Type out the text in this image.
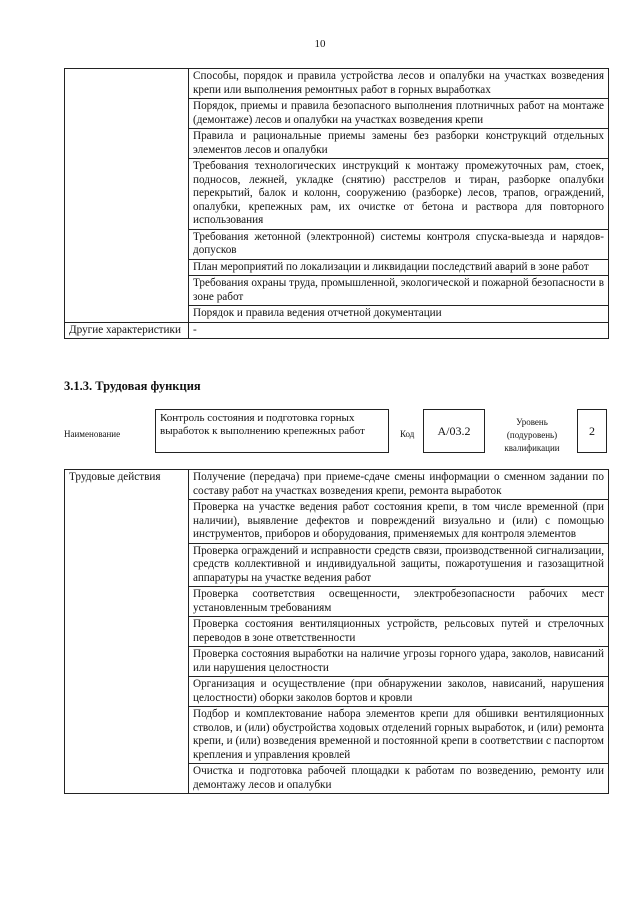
10
	Способы, порядок и правила устройства лесов и опалубки на участках возведения крепи или выполнения ремонтных работ в горных выработках
	Порядок, приемы и правила безопасного выполнения плотничных работ на монтаже (демонтаже) лесов и опалубки на участках возведения крепи
	Правила и рациональные приемы замены без разборки конструкций отдельных элементов лесов и опалубки
	Требования технологических инструкций к монтажу промежуточных рам, стоек, подносов, лежней, укладке (снятию) расстрелов и тиран, разборке опалубки перекрытий, балок и колонн, сооружению (разборке) лесов, трапов, ограждений, опалубки, крепежных рам, их очистке от бетона и раствора для повторного использования
	Требования жетонной (электронной) системы контроля спуска-выезда и нарядов-допусков
	План мероприятий по локализации и ликвидации последствий аварий в зоне работ
	Требования охраны труда, промышленной, экологической и пожарной безопасности в зоне работ
	Порядок и правила ведения отчетной документации
Другие характеристики	-
3.1.3. Трудовая функция
Наименование
Контроль состояния и подготовка горных выработок к выполнению крепежных работ	Код	А/03.2
Уровень (подуровень) квалификации
2
Трудовые действия	Получение (передача) при приеме-сдаче смены информации о сменном задании по составу работ на участках возведения крепи, ремонта выработок
Проверка на участке ведения работ состояния крепи, в том числе временной (при наличии), выявление дефектов и повреждений визуально и (или) с помощью инструментов, приборов и оборудования, применяемых для контроля элементов
Проверка ограждений и исправности средств связи, производственной сигнализации, средств коллективной и индивидуальной защиты, пожаротушения и газозащитной аппаратуры на участке ведения работ
Проверка соответствия освещенности, электробезопасности рабочих мест установленным требованиям
Проверка состояния вентиляционных устройств, рельсовых путей и стрелочных переводов в зоне ответственности
Проверка состояния выработки на наличие угрозы горного удара, заколов, нависаний или нарушения целостности
Организация и осуществление (при обнаружении заколов, нависаний, нарушения целостности) оборки заколов бортов и кровли
Подбор и комплектование набора элементов крепи для обшивки вентиляционных стволов, и (или) обустройства ходовых отделений горных выработок, и (или) ремонта крепи, и (или) возведения временной и постоянной крепи в соответствии с паспортом крепления и управления кровлей
Очистка и подготовка рабочей площадки к работам по возведению, ремонту или демонтажу лесов и опалубки
